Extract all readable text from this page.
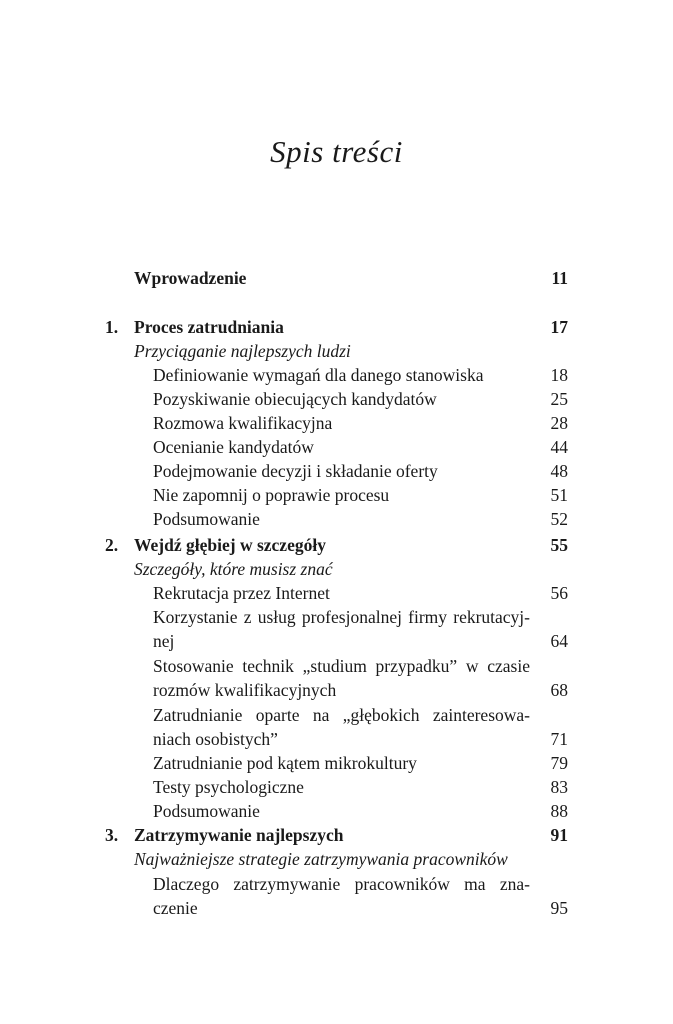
Spis treści
Wprowadzenie	11
1. Proces zatrudniania	17
Przyciąganie najlepszych ludzi
Definiowanie wymagań dla danego stanowiska	18
Pozyskiwanie obiecujących kandydatów	25
Rozmowa kwalifikacyjna	28
Ocenianie kandydatów	44
Podejmowanie decyzji i składanie oferty	48
Nie zapomnij o poprawie procesu	51
Podsumowanie	52
2. Wejdź głębiej w szczegóły	55
Szczegóły, które musisz znać
Rekrutacja przez Internet	56
Korzystanie z usług profesjonalnej firmy rekrutacyj-
nej	64
Stosowanie technik „studium przypadku” w czasie
rozmów kwalifikacyjnych	68
Zatrudnianie oparte na „głębokich zainteresowa-
niach osobistych”	71
Zatrudnianie pod kątem mikrokultury	79
Testy psychologiczne	83
Podsumowanie	88
3. Zatrzymywanie najlepszych	91
Najważniejsze strategie zatrzymywania pracowników
Dlaczego zatrzymywanie pracowników ma zna-
czenie	95
